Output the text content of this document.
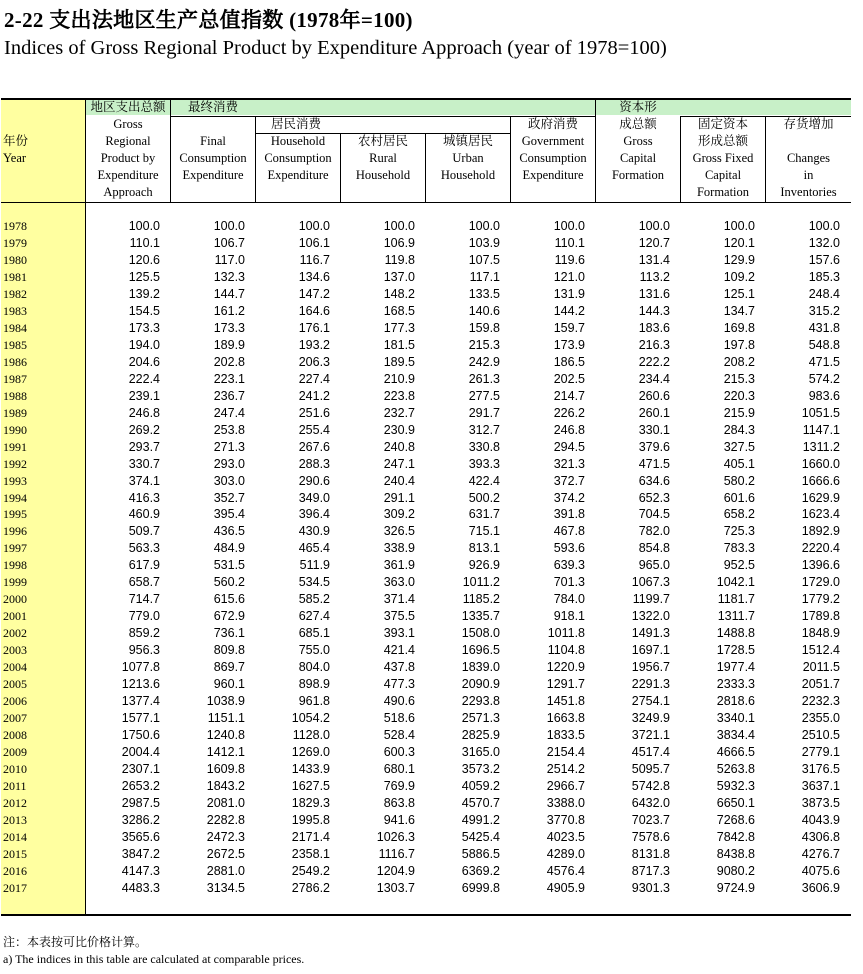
2-22 支出法地区生产总值指数 (1978年=100)
Indices of Gross Regional Product by Expenditure Approach (year of 1978=100)
年份
Year
地区支出总额
Gross
Regional
Product by
Expenditure
Approach
最终消费
Final
Consumption
Expenditure
居民消费
Household
Consumption
Expenditure
农村居民
Rural
Household
城镇居民
Urban
Household
政府消费
Government
Consumption
Expenditure
资本形
成总额
Gross
Capital
Formation
固定资本
形成总额
Gross Fixed
Capital
Formation
存货增加

Changes
in
Inventories
1978
1979
1980
1981
1982
1983
1984
1985
1986
1987
1988
1989
1990
1991
1992
1993
1994
1995
1996
1997
1998
1999
2000
2001
2002
2003
2004
2005
2006
2007
2008
2009
2010
2011
2012
2013
2014
2015
2016
2017
100.0
110.1
120.6
125.5
139.2
154.5
173.3
194.0
204.6
222.4
239.1
246.8
269.2
293.7
330.7
374.1
416.3
460.9
509.7
563.3
617.9
658.7
714.7
779.0
859.2
956.3
1077.8
1213.6
1377.4
1577.1
1750.6
2004.4
2307.1
2653.2
2987.5
3286.2
3565.6
3847.2
4147.3
4483.3
100.0
106.7
117.0
132.3
144.7
161.2
173.3
189.9
202.8
223.1
236.7
247.4
253.8
271.3
293.0
303.0
352.7
395.4
436.5
484.9
531.5
560.2
615.6
672.9
736.1
809.8
869.7
960.1
1038.9
1151.1
1240.8
1412.1
1609.8
1843.2
2081.0
2282.8
2472.3
2672.5
2881.0
3134.5
100.0
106.1
116.7
134.6
147.2
164.6
176.1
193.2
206.3
227.4
241.2
251.6
255.4
267.6
288.3
290.6
349.0
396.4
430.9
465.4
511.9
534.5
585.2
627.4
685.1
755.0
804.0
898.9
961.8
1054.2
1128.0
1269.0
1433.9
1627.5
1829.3
1995.8
2171.4
2358.1
2549.2
2786.2
100.0
106.9
119.8
137.0
148.2
168.5
177.3
181.5
189.5
210.9
223.8
232.7
230.9
240.8
247.1
240.4
291.1
309.2
326.5
338.9
361.9
363.0
371.4
375.5
393.1
421.4
437.8
477.3
490.6
518.6
528.4
600.3
680.1
769.9
863.8
941.6
1026.3
1116.7
1204.9
1303.7
100.0
103.9
107.5
117.1
133.5
140.6
159.8
215.3
242.9
261.3
277.5
291.7
312.7
330.8
393.3
422.4
500.2
631.7
715.1
813.1
926.9
1011.2
1185.2
1335.7
1508.0
1696.5
1839.0
2090.9
2293.8
2571.3
2825.9
3165.0
3573.2
4059.2
4570.7
4991.2
5425.4
5886.5
6369.2
6999.8
100.0
110.1
119.6
121.0
131.9
144.2
159.7
173.9
186.5
202.5
214.7
226.2
246.8
294.5
321.3
372.7
374.2
391.8
467.8
593.6
639.3
701.3
784.0
918.1
1011.8
1104.8
1220.9
1291.7
1451.8
1663.8
1833.5
2154.4
2514.2
2966.7
3388.0
3770.8
4023.5
4289.0
4576.4
4905.9
100.0
120.7
131.4
113.2
131.6
144.3
183.6
216.3
222.2
234.4
260.6
260.1
330.1
379.6
471.5
634.6
652.3
704.5
782.0
854.8
965.0
1067.3
1199.7
1322.0
1491.3
1697.1
1956.7
2291.3
2754.1
3249.9
3721.1
4517.4
5095.7
5742.8
6432.0
7023.7
7578.6
8131.8
8717.3
9301.3
100.0
120.1
129.9
109.2
125.1
134.7
169.8
197.8
208.2
215.3
220.3
215.9
284.3
327.5
405.1
580.2
601.6
658.2
725.3
783.3
952.5
1042.1
1181.7
1311.7
1488.8
1728.5
1977.4
2333.3
2818.6
3340.1
3834.4
4666.5
5263.8
5932.3
6650.1
7268.6
7842.8
8438.8
9080.2
9724.9
100.0
132.0
157.6
185.3
248.4
315.2
431.8
548.8
471.5
574.2
983.6
1051.5
1147.1
1311.2
1660.0
1666.6
1629.9
1623.4
1892.9
2220.4
1396.6
1729.0
1779.2
1789.8
1848.9
1512.4
2011.5
2051.7
2232.3
2355.0
2510.5
2779.1
3176.5
3637.1
3873.5
4043.9
4306.8
4276.7
4075.6
3606.9
注：本表按可比价格计算。
a) The indices in this table are calculated at comparable prices.
